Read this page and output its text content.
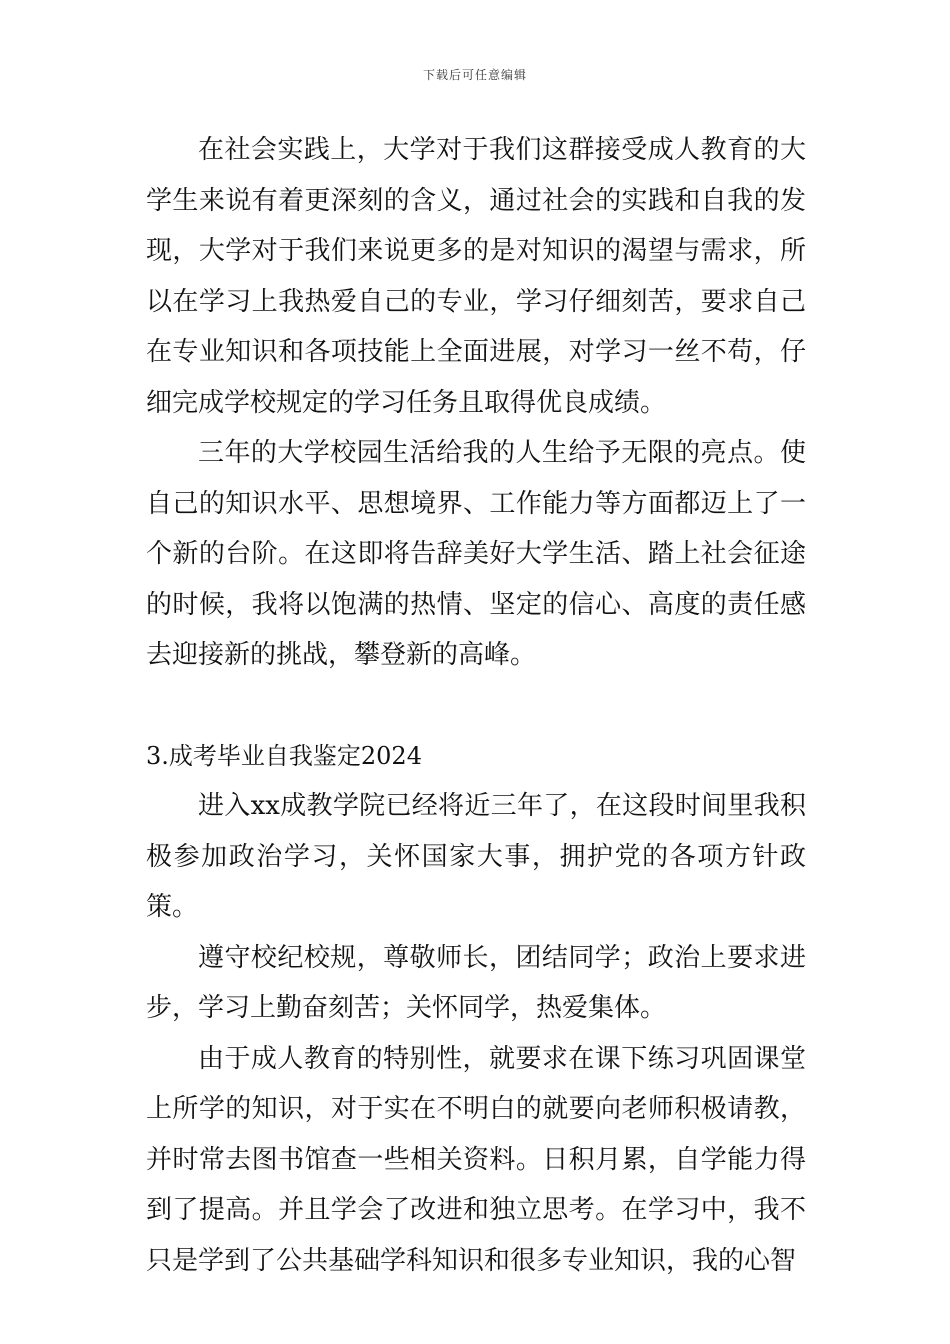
下载后可任意编辑

在社会实践上，大学对于我们这群接受成人教育的大学生来说有着更深刻的含义，通过社会的实践和自我的发现，大学对于我们来说更多的是对知识的渴望与需求，所以在学习上我热爱自己的专业，学习仔细刻苦，要求自己在专业知识和各项技能上全面进展，对学习一丝不苟，仔细完成学校规定的学习任务且取得优良成绩。

三年的大学校园生活给我的人生给予无限的亮点。使自己的知识水平、思想境界、工作能力等方面都迈上了一个新的台阶。在这即将告辞美好大学生活、踏上社会征途的时候，我将以饱满的热情、坚定的信心、高度的责任感去迎接新的挑战，攀登新的高峰。

3.成考毕业自我鉴定2024

进入xx成教学院已经将近三年了，在这段时间里我积极参加政治学习，关怀国家大事，拥护党的各项方针政策。

遵守校纪校规，尊敬师长，团结同学；政治上要求进步，学习上勤奋刻苦；关怀同学，热爱集体。

由于成人教育的特别性，就要求在课下练习巩固课堂上所学的知识，对于实在不明白的就要向老师积极请教，并时常去图书馆查一些相关资料。日积月累，自学能力得到了提高。并且学会了改进和独立思考。在学习中，我不只是学到了公共基础学科知识和很多专业知识，我的心智
